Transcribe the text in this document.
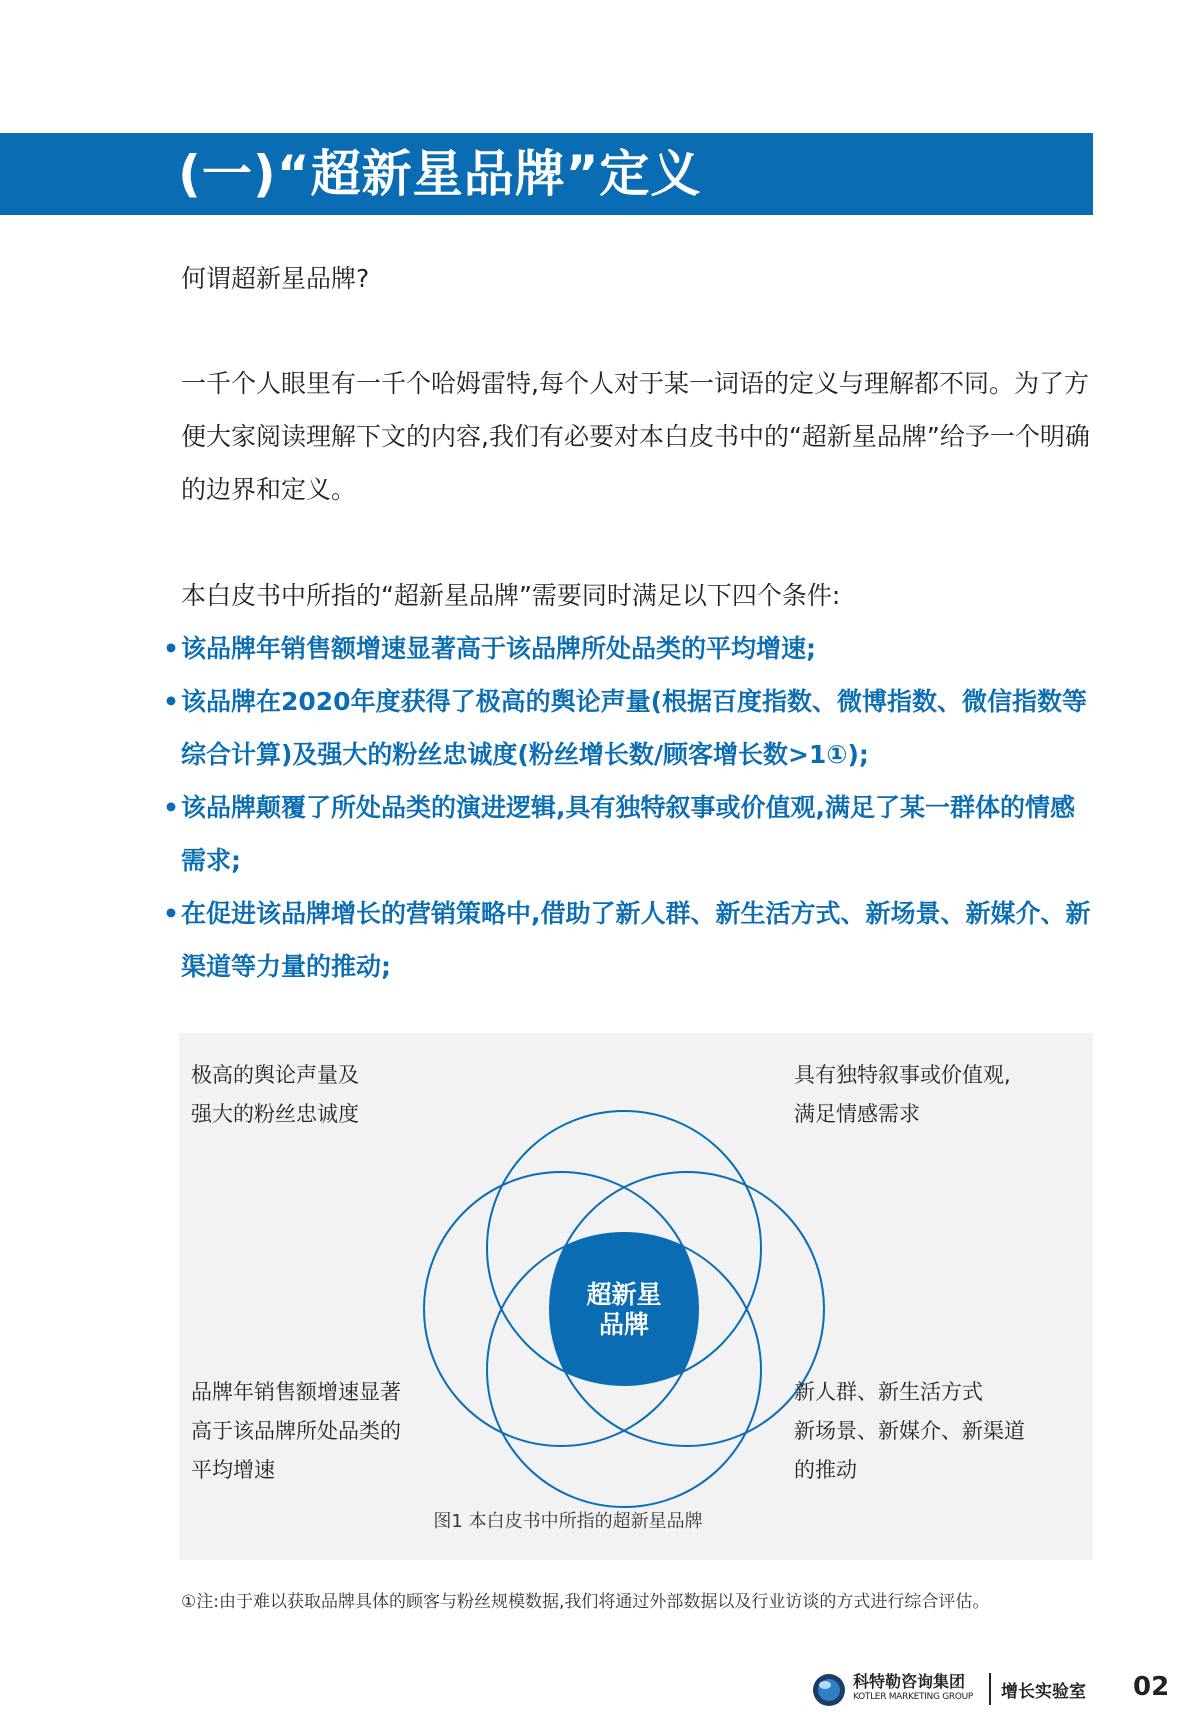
(一)“超新星品牌”定义
何谓超新星品牌?
一千个人眼里有一千个哈姆雷特,每个人对于某一词语的定义与理解都不同。为了方便大家阅读理解下文的内容,我们有必要对本白皮书中的“超新星品牌”给予一个明确的边界和定义。
本白皮书中所指的“超新星品牌”需要同时满足以下四个条件:
• 该品牌年销售额增速显著高于该品牌所处品类的平均增速;
• 该品牌在2020年度获得了极高的舆论声量(根据百度指数、微博指数、微信指数等综合计算)及强大的粉丝忠诚度(粉丝增长数/顾客增长数>1①);
• 该品牌颠覆了所处品类的演进逻辑,具有独特叙事或价值观,满足了某一群体的情感需求;
• 在促进该品牌增长的营销策略中,借助了新人群、新生活方式、新场景、新媒介、新渠道等力量的推动;
超新星
品牌
极高的舆论声量及
强大的粉丝忠诚度
具有独特叙事或价值观,
满足情感需求
品牌年销售额增速显著
高于该品牌所处品类的
平均增速
新人群、新生活方式
新场景、新媒介、新渠道
的推动
图1 本白皮书中所指的超新星品牌
①注:由于难以获取品牌具体的顾客与粉丝规模数据,我们将通过外部数据以及行业访谈的方式进行综合评估。
科特勒咨询集团
KOTLER MARKETING GROUP 增长实验室 02
